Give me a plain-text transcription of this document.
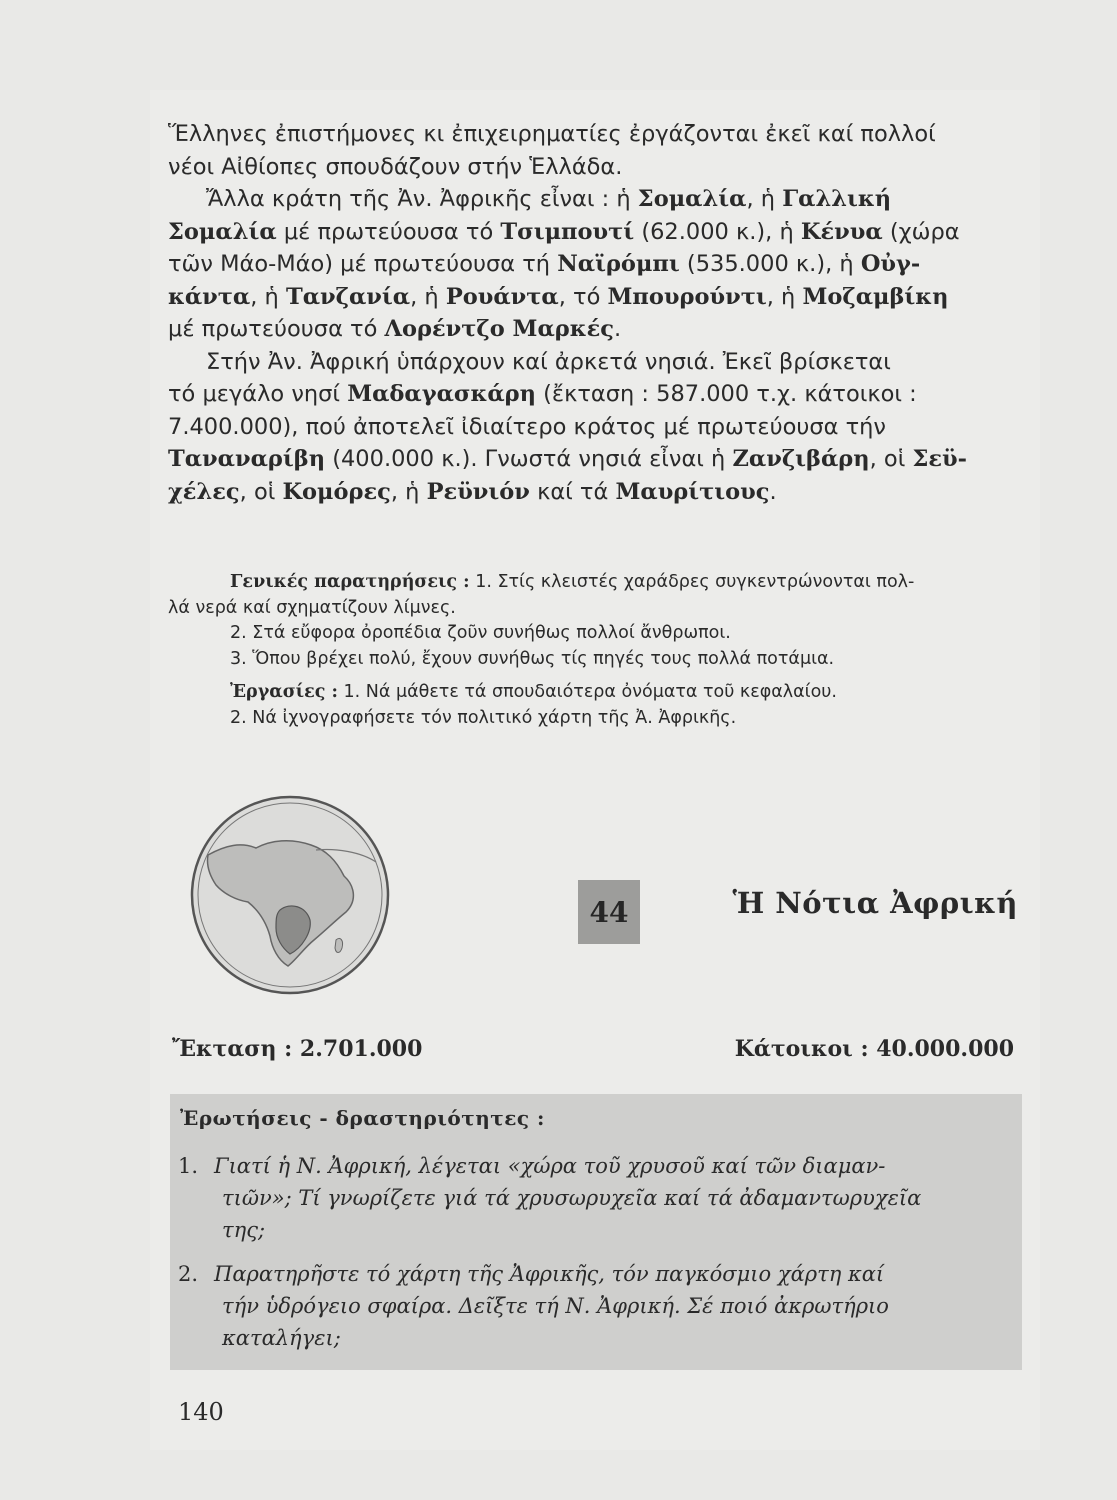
Ἕλληνες ἐπιστήμονες κι ἐπιχειρηματίες ἐργάζονται ἐκεῖ καί πολλοί
νέοι Αἰθίοπες σπουδάζουν στήν Ἑλλάδα.

Ἄλλα κράτη τῆς Ἀν. Ἀφρικῆς εἶναι : ἡ Σομαλία, ἡ Γαλλική
Σομαλία μέ πρωτεύουσα τό Τσιμπουτί (62.000 κ.), ἡ Κένυα (χώρα
τῶν Μάο-Μάο) μέ πρωτεύουσα τή Ναϊρόμπι (535.000 κ.), ἡ Οὐγ-
κάντα, ἡ Τανζανία, ἡ Ρουάντα, τό Μπουρούντι, ἡ Μοζαμβίκη
μέ πρωτεύουσα τό Λορέντζο Μαρκές.

Στήν Ἀν. Ἀφρική ὑπάρχουν καί ἀρκετά νησιά. Ἐκεῖ βρίσκεται
τό μεγάλο νησί Μαδαγασκάρη (ἔκταση : 587.000 τ.χ. κάτοικοι :
7.400.000), πού ἀποτελεῖ ἰδιαίτερο κράτος μέ πρωτεύουσα τήν
Ταναναρίβη (400.000 κ.). Γνωστά νησιά εἶναι ἡ Ζανζιβάρη, οἱ Σεϋ-
χέλες, οἱ Κομόρες, ἡ Ρεϋνιόν καί τά Μαυρίτιους.

Γενικές παρατηρήσεις : 1. Στίς κλειστές χαράδρες συγκεντρώνονται πολ-
λά νερά καί σχηματίζουν λίμνες.
2. Στά εὔφορα ὀροπέδια ζοῦν συνήθως πολλοί ἄνθρωποι.
3. Ὅπου βρέχει πολύ, ἔχουν συνήθως τίς πηγές τους πολλά ποτάμια.
Ἐργασίες : 1. Νά μάθετε τά σπουδαιότερα ὀνόματα τοῦ κεφαλαίου.
2. Νά ἰχνογραφήσετε τόν πολιτικό χάρτη τῆς Ἀ. Ἀφρικῆς.
44	Ἡ Νότια Ἀφρική
Ἔκταση : 2.701.000	Κάτοικοι : 40.000.000
Ἐρωτήσεις - δραστηριότητες :
1. Γιατί ἡ Ν. Ἀφρική, λέγεται «χώρα τοῦ χρυσοῦ καί τῶν διαμαν-
τιῶν»; Τί γνωρίζετε γιά τά χρυσωρυχεῖα καί τά ἀδαμαντωρυχεῖα
της;
2. Παρατηρῆστε τό χάρτη τῆς Ἀφρικῆς, τόν παγκόσμιο χάρτη καί
τήν ὑδρόγειο σφαίρα. Δεῖξτε τή Ν. Ἀφρική. Σέ ποιό ἀκρωτήριο
καταλήγει;
140
